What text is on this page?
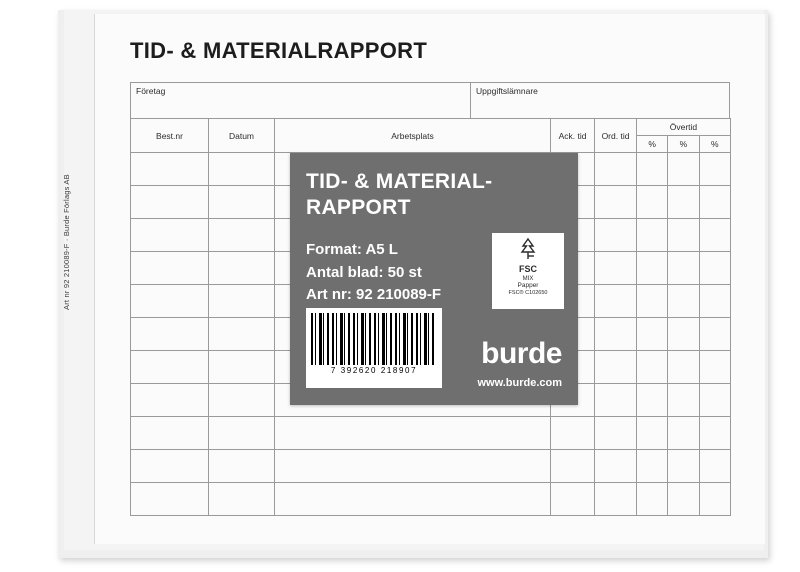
TID- & MATERIALRAPPORT
Företag	Uppgiftslämnare
Best.nr	Datum	Arbetsplats	Ack. tid	Ord. tid	Övertid		
					%	%	%

Art nr 92 210089-F · Burde Förlags AB	TID- & MATERIAL-
RAPPORT
Format: A5 L
Antal blad: 50 st
Art nr: 92 210089-F
FSC
MIX
Papper
FSC® C102650
7 392620 218907
burde
www.burde.com
